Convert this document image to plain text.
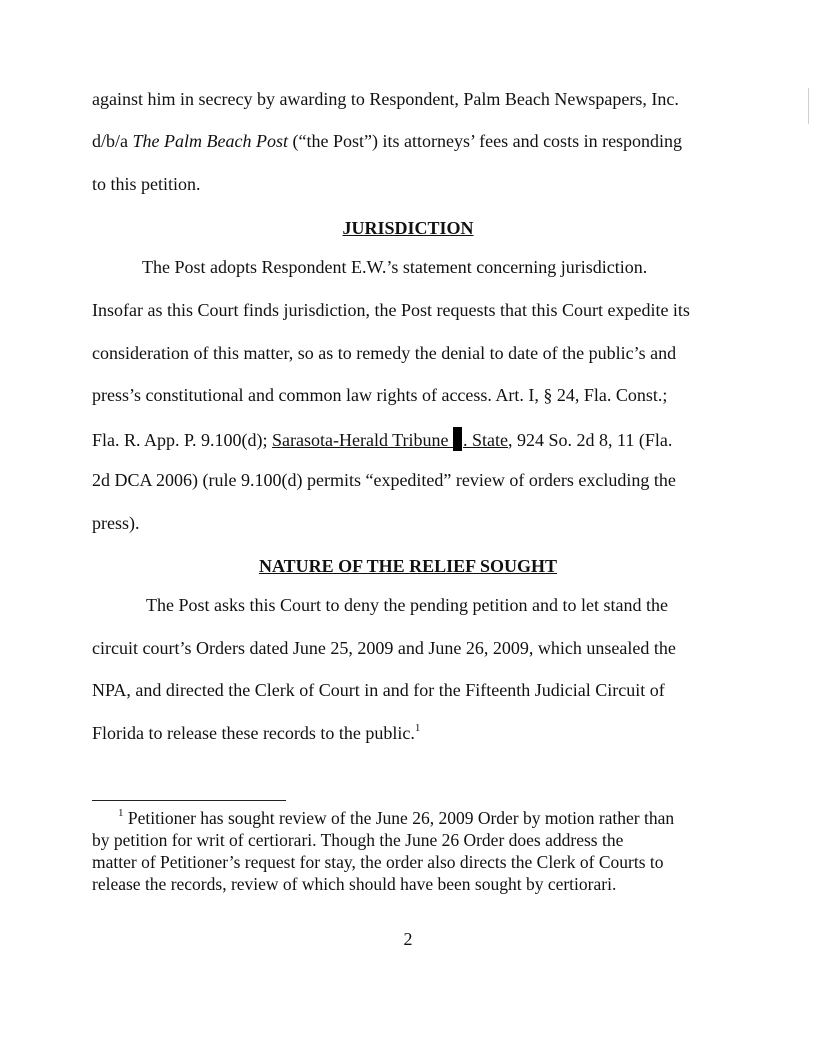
against him in secrecy by awarding to Respondent, Palm Beach Newspapers, Inc.
d/b/a The Palm Beach Post (“the Post”) its attorneys’ fees and costs in responding
to this petition.
JURISDICTION
The Post adopts Respondent E.W.’s statement concerning jurisdiction.
Insofar as this Court finds jurisdiction, the Post requests that this Court expedite its
consideration of this matter, so as to remedy the denial to date of the public’s and
press’s constitutional and common law rights of access. Art. I, § 24, Fla. Const.;
Fla. R. App. P. 9.100(d); Sarasota-Herald Tribune . State, 924 So. 2d 8, 11 (Fla.
2d DCA 2006) (rule 9.100(d) permits “expedited” review of orders excluding the
press).
NATURE OF THE RELIEF SOUGHT
The Post asks this Court to deny the pending petition and to let stand the
circuit court’s Orders dated June 25, 2009 and June 26, 2009, which unsealed the
NPA, and directed the Clerk of Court in and for the Fifteenth Judicial Circuit of
Florida to release these records to the public.$^1$
$^1$ Petitioner has sought review of the June 26, 2009 Order by motion rather than
by petition for writ of certiorari. Though the June 26 Order does address the
matter of Petitioner’s request for stay, the order also directs the Clerk of Courts to
release the records, review of which should have been sought by certiorari.
2
